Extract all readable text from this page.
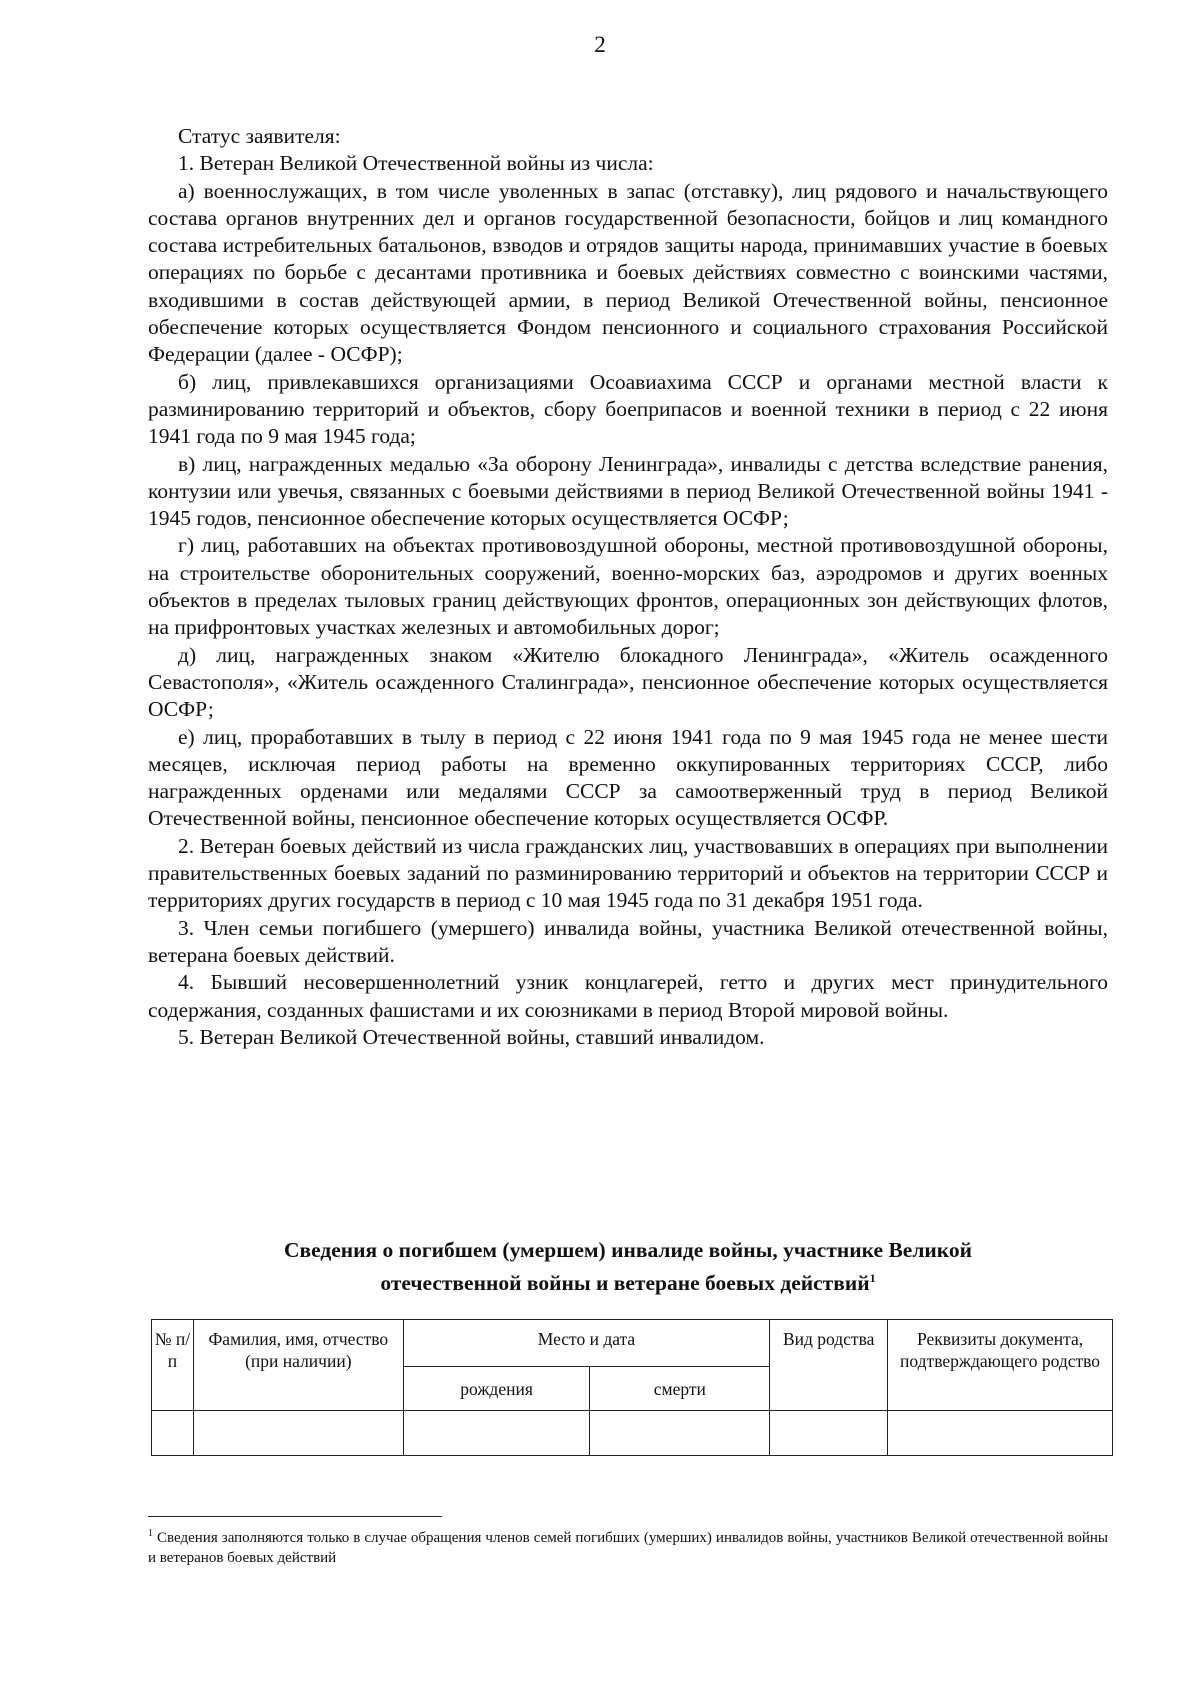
2

Статус заявителя:

1. Ветеран Великой Отечественной войны из числа:

а) военнослужащих, в том числе уволенных в запас (отставку), лиц рядового и начальствующего состава органов внутренних дел и органов государственной безопасности, бойцов и лиц командного состава истребительных батальонов, взводов и отрядов защиты народа, принимавших участие в боевых операциях по борьбе с десантами противника и боевых действиях совместно с воинскими частями, входившими в состав действующей армии, в период Великой Отечественной войны, пенсионное обеспечение которых осуществляется Фондом пенсионного и социального страхования Российской Федерации (далее - ОСФР);

б) лиц, привлекавшихся организациями Осоавиахима СССР и органами местной власти к разминированию территорий и объектов, сбору боеприпасов и военной техники в период с 22 июня 1941 года по 9 мая 1945 года;

в) лиц, награжденных медалью «За оборону Ленинграда», инвалиды с детства вследствие ранения, контузии или увечья, связанных с боевыми действиями в период Великой Отечественной войны 1941 - 1945 годов, пенсионное обеспечение которых осуществляется ОСФР;

г) лиц, работавших на объектах противовоздушной обороны, местной противовоздушной обороны, на строительстве оборонительных сооружений, военно-морских баз, аэродромов и других военных объектов в пределах тыловых границ действующих фронтов, операционных зон действующих флотов, на прифронтовых участках железных и автомобильных дорог;

д) лиц, награжденных знаком «Жителю блокадного Ленинграда», «Житель осажденного Севастополя», «Житель осажденного Сталинграда», пенсионное обеспечение которых осуществляется ОСФР;

е) лиц, проработавших в тылу в период с 22 июня 1941 года по 9 мая 1945 года не менее шести месяцев, исключая период работы на временно оккупированных территориях СССР, либо награжденных орденами или медалями СССР за самоотверженный труд в период Великой Отечественной войны, пенсионное обеспечение которых осуществляется ОСФР.

2. Ветеран боевых действий из числа гражданских лиц, участвовавших в операциях при выполнении правительственных боевых заданий по разминированию территорий и объектов на территории СССР и территориях других государств в период с 10 мая 1945 года по 31 декабря 1951 года.

3. Член семьи погибшего (умершего) инвалида войны, участника Великой отечественной войны, ветерана боевых действий.

4. Бывший несовершеннолетний узник концлагерей, гетто и других мест принудительного содержания, созданных фашистами и их союзниками в период Второй мировой войны.

5. Ветеран Великой Отечественной войны, ставший инвалидом.

Сведения о погибшем (умершем) инвалиде войны, участнике Великой
отечественной войны и ветеране боевых действий$^1$
№ п/п	Фамилия, имя, отчество (при наличии)	Место и дата		Вид родства	Реквизиты документа, подтверждающего родство
		рождения	смерти		

$^1$ Сведения заполняются только в случае обращения членов семей погибших (умерших) инвалидов войны, участников Великой отечественной войны и ветеранов боевых действий
